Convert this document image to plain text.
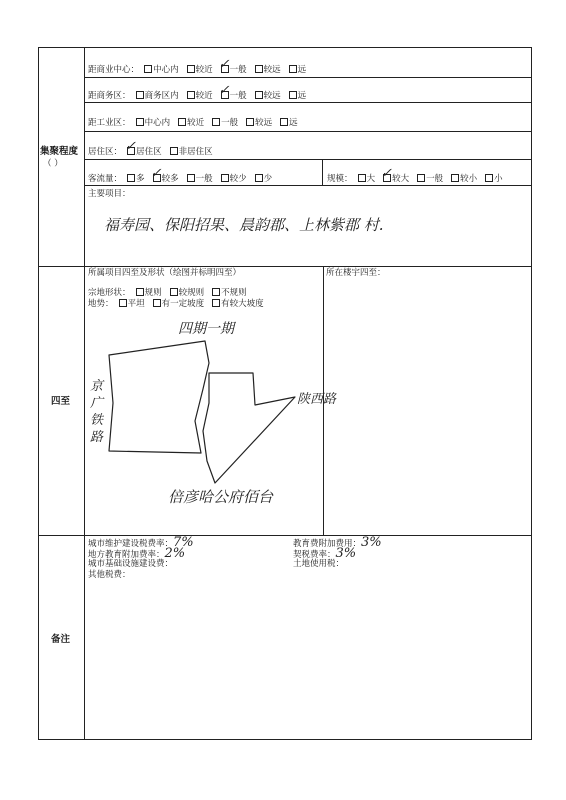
集聚程度
（ ）
四至
备注
距商业中心： 中心内 较近 ✓ 一般 较远 远
距商务区： 商务区内 较近 ✓ 一般 较远 远
距工业区： 中心内 较近 一般 较远 远
居住区： ✓ 居住区 非居住区
客流量： 多 ✓ 较多 一般 较少 少	规模： 大 ✓ 较大 一般 较小 小
主要项目：
福寿园、保阳招果、晨韵郡、上林紫郡 村.
所属项目四至及形状（绘图并标明四至）
宗地形状： 规则 较规则 不规则
地势： 平坦 有一定坡度 有较大坡度
所在楼宇四至：
四期一期
陕西路
京广铁路
倍彦哈公府佰台
城市维护建设税费率：7%
地方教育附加费率：2%
城市基础设施建设费：
其他税费：
教育费附加费用：3%
契税费率：3%
土地使用税：
